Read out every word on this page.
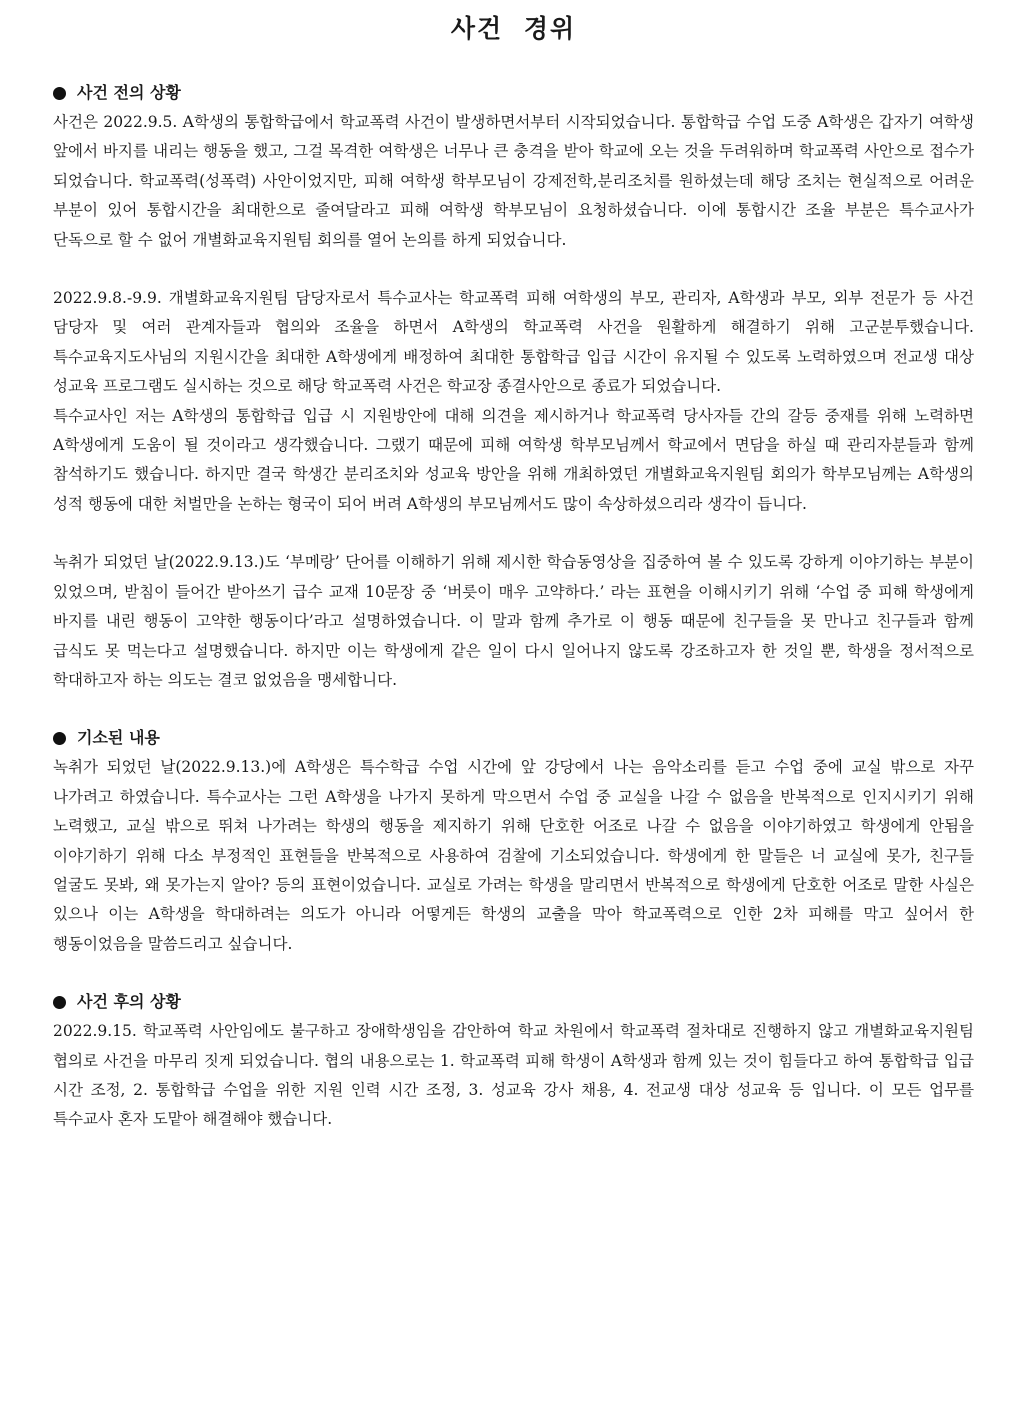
사건 경위
사건 전의 상황

사건은 2022.9.5. A학생의 통합학급에서 학교폭력 사건이 발생하면서부터 시작되었습니다. 통합학급 수업 도중 A학생은 갑자기 여학생 앞에서 바지를 내리는 행동을 했고, 그걸 목격한 여학생은 너무나 큰 충격을 받아 학교에 오는 것을 두려워하며 학교폭력 사안으로 접수가 되었습니다. 학교폭력(성폭력) 사안이었지만, 피해 여학생 학부모님이 강제전학,분리조치를 원하셨는데 해당 조치는 현실적으로 어려운 부분이 있어 통합시간을 최대한으로 줄여달라고 피해 여학생 학부모님이 요청하셨습니다. 이에 통합시간 조율 부분은 특수교사가 단독으로 할 수 없어 개별화교육지원팀 회의를 열어 논의를 하게 되었습니다.

2022.9.8.-9.9. 개별화교육지원팀 담당자로서 특수교사는 학교폭력 피해 여학생의 부모, 관리자, A학생과 부모, 외부 전문가 등 사건 담당자 및 여러 관계자들과 협의와 조율을 하면서 A학생의 학교폭력 사건을 원활하게 해결하기 위해 고군분투했습니다. 특수교육지도사님의 지원시간을 최대한 A학생에게 배정하여 최대한 통합학급 입급 시간이 유지될 수 있도록 노력하였으며 전교생 대상 성교육 프로그램도 실시하는 것으로 해당 학교폭력 사건은 학교장 종결사안으로 종료가 되었습니다.

특수교사인 저는 A학생의 통합학급 입급 시 지원방안에 대해 의견을 제시하거나 학교폭력 당사자들 간의 갈등 중재를 위해 노력하면 A학생에게 도움이 될 것이라고 생각했습니다. 그랬기 때문에 피해 여학생 학부모님께서 학교에서 면담을 하실 때 관리자분들과 함께 참석하기도 했습니다. 하지만 결국 학생간 분리조치와 성교육 방안을 위해 개최하였던 개별화교육지원팀 회의가 학부모님께는 A학생의 성적 행동에 대한 처벌만을 논하는 형국이 되어 버려 A학생의 부모님께서도 많이 속상하셨으리라 생각이 듭니다.

녹취가 되었던 날(2022.9.13.)도 ‘부메랑’ 단어를 이해하기 위해 제시한 학습동영상을 집중하여 볼 수 있도록 강하게 이야기하는 부분이 있었으며, 받침이 들어간 받아쓰기 급수 교재 10문장 중 ‘버릇이 매우 고약하다.’ 라는 표현을 이해시키기 위해 ‘수업 중 피해 학생에게 바지를 내린 행동이 고약한 행동이다’라고 설명하였습니다. 이 말과 함께 추가로 이 행동 때문에 친구들을 못 만나고 친구들과 함께 급식도 못 먹는다고 설명했습니다. 하지만 이는 학생에게 같은 일이 다시 일어나지 않도록 강조하고자 한 것일 뿐, 학생을 정서적으로 학대하고자 하는 의도는 결코 없었음을 맹세합니다.

기소된 내용

녹취가 되었던 날(2022.9.13.)에 A학생은 특수학급 수업 시간에 앞 강당에서 나는 음악소리를 듣고 수업 중에 교실 밖으로 자꾸 나가려고 하였습니다. 특수교사는 그런 A학생을 나가지 못하게 막으면서 수업 중 교실을 나갈 수 없음을 반복적으로 인지시키기 위해 노력했고, 교실 밖으로 뛰쳐 나가려는 학생의 행동을 제지하기 위해 단호한 어조로 나갈 수 없음을 이야기하였고 학생에게 안됨을 이야기하기 위해 다소 부정적인 표현들을 반복적으로 사용하여 검찰에 기소되었습니다. 학생에게 한 말들은 너 교실에 못가, 친구들 얼굴도 못봐, 왜 못가는지 알아? 등의 표현이었습니다. 교실로 가려는 학생을 말리면서 반복적으로 학생에게 단호한 어조로 말한 사실은 있으나 이는 A학생을 학대하려는 의도가 아니라 어떻게든 학생의 교출을 막아 학교폭력으로 인한 2차 피해를 막고 싶어서 한 행동이었음을 말씀드리고 싶습니다.

사건 후의 상황

2022.9.15. 학교폭력 사안임에도 불구하고 장애학생임을 감안하여 학교 차원에서 학교폭력 절차대로 진행하지 않고 개별화교육지원팀 협의로 사건을 마무리 짓게 되었습니다. 협의 내용으로는 1. 학교폭력 피해 학생이 A학생과 함께 있는 것이 힘들다고 하여 통합학급 입급 시간 조정, 2. 통합학급 수업을 위한 지원 인력 시간 조정, 3. 성교육 강사 채용, 4. 전교생 대상 성교육 등 입니다. 이 모든 업무를 특수교사 혼자 도맡아 해결해야 했습니다.
